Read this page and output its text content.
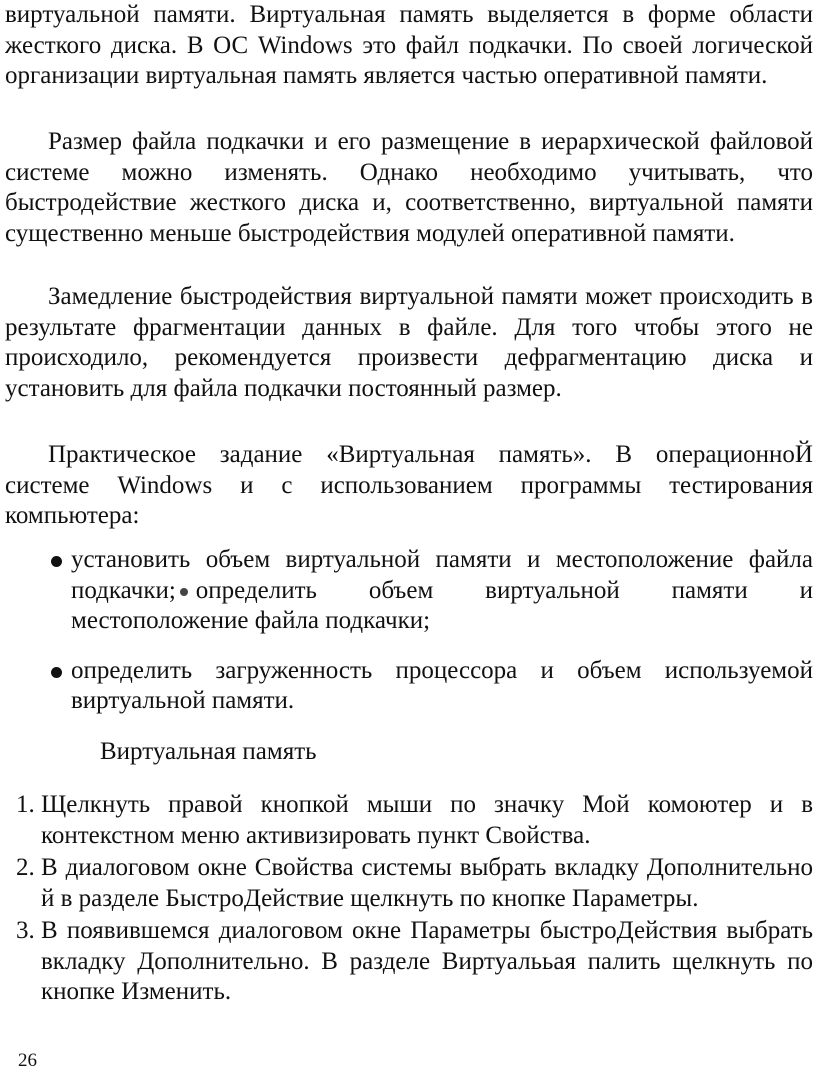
виртуальной памяти. Виртуальная память выделяется в форме области жесткого диска. В ОС Windows это файл подкачки. По своей логической организации виртуальная память является частью оперативной памяти.

Размер файла подкачки и его размещение в иерархической файловой системе можно изменять. Однако необходимо учитывать, что быстродействие жесткого диска и, соответственно, виртуальной памяти существенно меньше быстродействия модулей оперативной памяти.

Замедление быстродействия виртуальной памяти может происходить в результате фрагментации данных в файле. Для того чтобы этого не происходило, рекомендуется произвести дефрагментацию диска и установить для файла подкачки постоянный размер.

Практическое задание «Виртуальная память». В операционноЙ системе Windows и с использованием программы тестирования компьютера:

установить объем виртуальной памяти и местоположение файла подкачки; определить объем виртуальной памяти и местоположение файла подкачки;
определить загруженность процессора и объем используемой виртуальной памяти.
Виртуальная память
1. Щелкнуть правой кнопкой мыши по значку Мой комоютер и в контекстном меню активизировать пункт Свойства.
2. В диалоговом окне Свойства системы выбрать вкладку Дополнительно й в разделе БыстроДействие щелкнуть по кнопке Параметры.
3. В появившемся диалоговом окне Параметры быстроДействия выбрать вкладку Дополнительно. В разделе Виртуалььая палить щелкнуть по кнопке Изменить.

26
